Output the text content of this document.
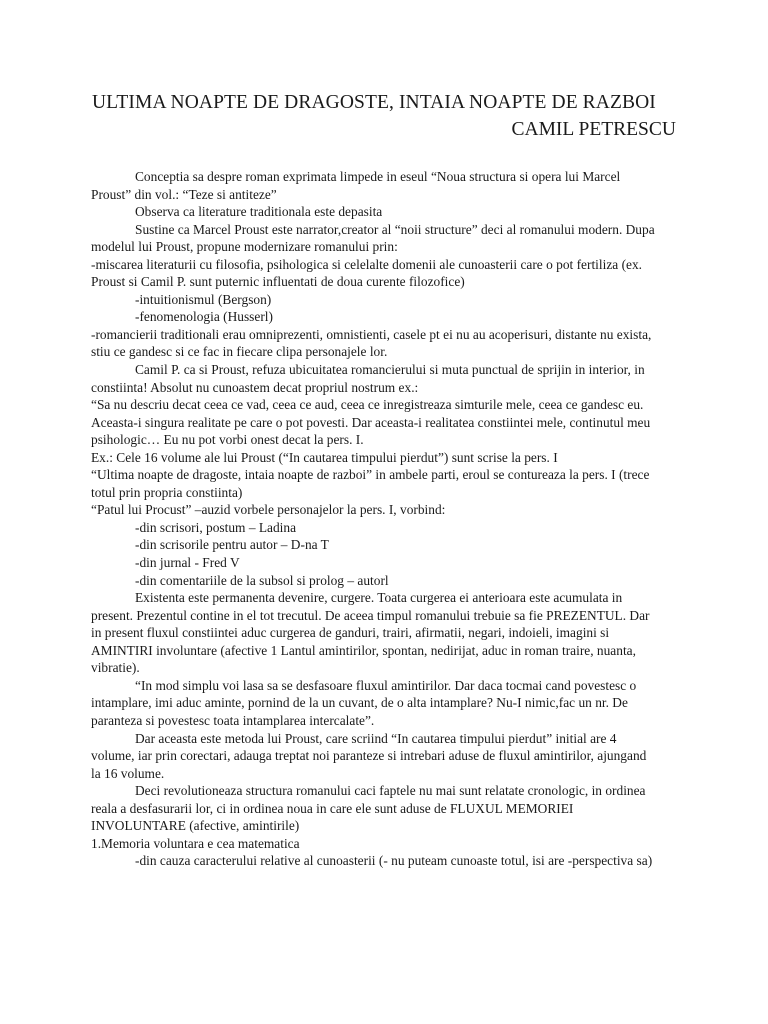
ULTIMA NOAPTE DE DRAGOSTE, INTAIA NOAPTE DE RAZBOI
CAMIL PETRESCU
Conceptia sa despre roman exprimata limpede in eseul “Noua structura si opera lui Marcel
Proust” din vol.: “Teze si antiteze”
Observa ca literature traditionala este depasita
Sustine ca Marcel Proust este narrator,creator al “noii structure” deci al romanului modern. Dupa
modelul lui Proust, propune modernizare romanului prin:
-miscarea literaturii cu filosofia, psihologica si celelalte domenii ale cunoasterii care o pot fertiliza (ex.
Proust si Camil P. sunt puternic influentati de doua curente filozofice)
-intuitionismul (Bergson)
-fenomenologia (Husserl)
-romancierii traditionali erau omniprezenti, omnistienti, casele pt ei nu au acoperisuri, distante nu exista,
stiu ce gandesc si ce fac in fiecare clipa personajele lor.
Camil P. ca si Proust, refuza ubicuitatea romancierului si muta punctual de sprijin in interior, in
constiinta! Absolut nu cunoastem decat propriul nostrum ex.:
“Sa nu descriu decat ceea ce vad, ceea ce aud, ceea ce inregistreaza simturile mele, ceea ce gandesc eu.
Aceasta-i singura realitate pe care o pot povesti. Dar aceasta-i realitatea constiintei mele, continutul meu
psihologic… Eu nu pot vorbi onest decat la pers. I.
Ex.: Cele 16 volume ale lui Proust (“In cautarea timpului pierdut”) sunt scrise la pers. I
“Ultima noapte de dragoste, intaia noapte de razboi” in ambele parti, eroul se contureaza la pers. I (trece
totul prin propria constiinta)
“Patul lui Procust” –auzid vorbele personajelor la pers. I, vorbind:
-din scrisori, postum – Ladina
-din scrisorile pentru autor – D-na T
-din jurnal - Fred V
-din comentariile de la subsol si prolog – autorl
Existenta este permanenta devenire, curgere. Toata curgerea ei anterioara este acumulata in
present. Prezentul contine in el tot trecutul. De aceea timpul romanului trebuie sa fie PREZENTUL. Dar
in present fluxul constiintei aduc curgerea de ganduri, trairi, afirmatii, negari, indoieli, imagini si
AMINTIRI involuntare (afective 1 Lantul amintirilor, spontan, nedirijat, aduc in roman traire, nuanta,
vibratie).
“In mod simplu voi lasa sa se desfasoare fluxul amintirilor. Dar daca tocmai cand povestesc o
intamplare, imi aduc aminte, pornind de la un cuvant, de o alta intamplare? Nu-I nimic,fac un nr. De
paranteza si povestesc toata intamplarea intercalate”.
Dar aceasta este metoda lui Proust, care scriind “In cautarea timpului pierdut” initial are 4
volume, iar prin corectari, adauga treptat noi paranteze si intrebari aduse de fluxul amintirilor, ajungand
la 16 volume.
Deci revolutioneaza structura romanului caci faptele nu mai sunt relatate cronologic, in ordinea
reala a desfasurarii lor, ci in ordinea noua in care ele sunt aduse de FLUXUL MEMORIEI
INVOLUNTARE (afective, amintirile)
1.Memoria voluntara e cea matematica
-din cauza caracterului relative al cunoasterii (- nu puteam cunoaste totul, isi are -perspectiva sa)
